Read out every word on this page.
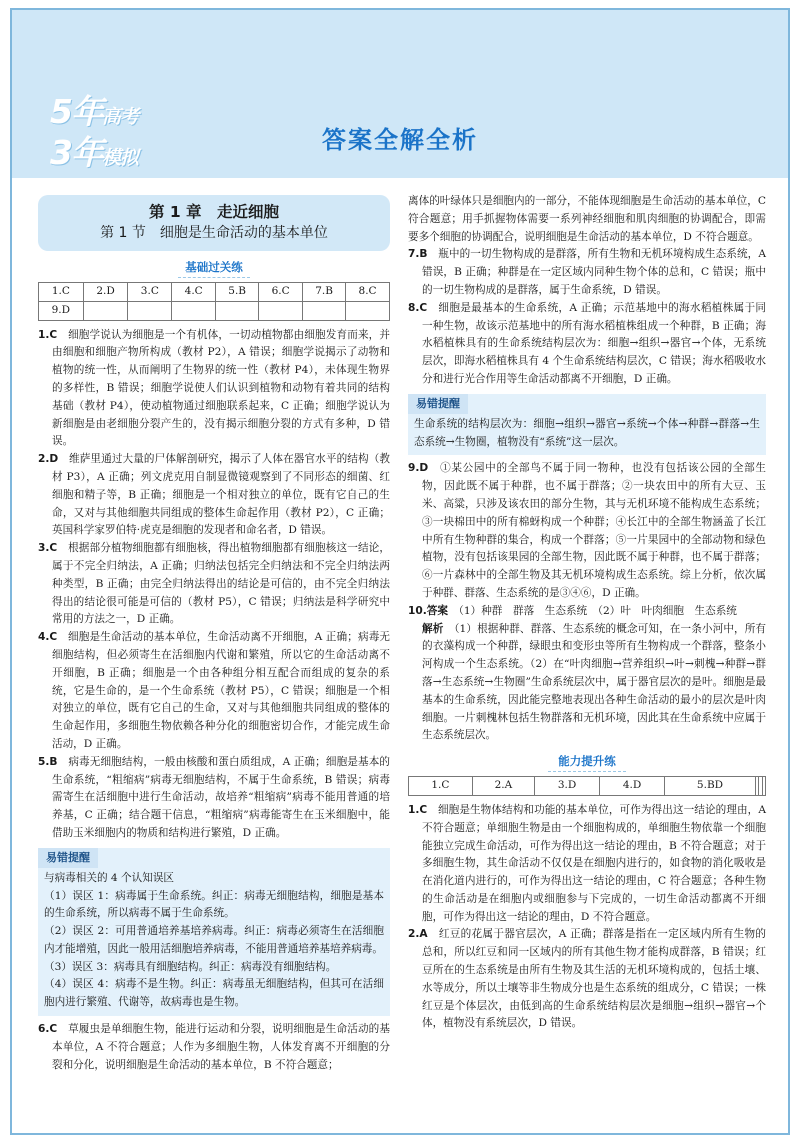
5年高考
3年模拟
答案全解全析
第 1 章　走近细胞
第 1 节　细胞是生命活动的基本单位
基础过关练
1.C	2.D	3.C	4.C	5.B	6.C	7.B	8.C
9.D							

1.C　 细胞学说认为细胞是一个有机体，一切动植物都由细胞发育而来，并由细胞和细胞产物所构成（教材 P2），A 错误；细胞学说揭示了动物和植物的统一性，从而阐明了生物界的统一性（教材 P4），未体现生物界的多样性，B 错误；细胞学说使人们认识到植物和动物有着共同的结构基础（教材 P4），使动植物通过细胞联系起来，C 正确；细胞学说认为新细胞是由老细胞分裂产生的，没有揭示细胞分裂的方式有多种，D 错误。

2.D　 维萨里通过大量的尸体解剖研究，揭示了人体在器官水平的结构（教材 P3），A 正确；列文虎克用自制显微镜观察到了不同形态的细菌、红细胞和精子等，B 正确；细胞是一个相对独立的单位，既有它自己的生命，又对与其他细胞共同组成的整体生命起作用（教材 P2），C 正确；英国科学家罗伯特·虎克是细胞的发现者和命名者，D 错误。

3.C　 根据部分植物细胞都有细胞核，得出植物细胞都有细胞核这一结论，属于不完全归纳法，A 正确；归纳法包括完全归纳法和不完全归纳法两种类型，B 正确；由完全归纳法得出的结论是可信的，由不完全归纳法得出的结论很可能是可信的（教材 P5），C 错误；归纳法是科学研究中常用的方法之一，D 正确。

4.C　 细胞是生命活动的基本单位，生命活动离不开细胞，A 正确；病毒无细胞结构，但必须寄生在活细胞内代谢和繁殖，所以它的生命活动离不开细胞，B 正确；细胞是一个由各种组分相互配合而组成的复杂的系统，它是生命的，是一个生命系统（教材 P5），C 错误；细胞是一个相对独立的单位，既有它自己的生命，又对与其他细胞共同组成的整体的生命起作用，多细胞生物依赖各种分化的细胞密切合作，才能完成生命活动，D 正确。

5.B　 病毒无细胞结构，一般由核酸和蛋白质组成，A 正确；细胞是基本的生命系统，“粗缩病”病毒无细胞结构，不属于生命系统，B 错误；病毒需寄生在活细胞中进行生命活动，故培养“粗缩病”病毒不能用普通的培养基，C 正确；结合题干信息，“粗缩病”病毒能寄生在玉米细胞中，能借助玉米细胞内的物质和结构进行繁殖，D 正确。

易错提醒

与病毒相关的 4 个认知误区

（1）误区 1：病毒属于生命系统。纠正：病毒无细胞结构，细胞是基本的生命系统，所以病毒不属于生命系统。

（2）误区 2：可用普通培养基培养病毒。纠正：病毒必须寄生在活细胞内才能增殖，因此一般用活细胞培养病毒，不能用普通培养基培养病毒。

（3）误区 3：病毒具有细胞结构。纠正：病毒没有细胞结构。

（4）误区 4：病毒不是生物。纠正：病毒虽无细胞结构，但其可在活细胞内进行繁殖、代谢等，故病毒也是生物。

6.C　 草履虫是单细胞生物，能进行运动和分裂，说明细胞是生命活动的基本单位，A 不符合题意；人作为多细胞生物，人体发育离不开细胞的分裂和分化，说明细胞是生命活动的基本单位，B 不符合题意；

离体的叶绿体只是细胞内的一部分，不能体现细胞是生命活动的基本单位，C 符合题意；用手抓握物体需要一系列神经细胞和肌肉细胞的协调配合，即需要多个细胞的协调配合，说明细胞是生命活动的基本单位，D 不符合题意。

7.B　 瓶中的一切生物构成的是群落，所有生物和无机环境构成生态系统，A 错误，B 正确；种群是在一定区域内同种生物个体的总和，C 错误；瓶中的一切生物构成的是群落，属于生命系统，D 错误。

8.C　 细胞是最基本的生命系统，A 正确；示范基地中的海水稻植株属于同一种生物，故该示范基地中的所有海水稻植株组成一个种群，B 正确；海水稻植株具有的生命系统结构层次为：细胞→组织→器官→个体，无系统层次，即海水稻植株具有 4 个生命系统结构层次，C 错误；海水稻吸收水分和进行光合作用等生命活动都离不开细胞，D 正确。

易错提醒

生命系统的结构层次为：细胞→组织→器官→系统→个体→种群→群落→生态系统→生物圈，植物没有“系统”这一层次。

9.D　 ①某公园中的全部鸟不属于同一物种，也没有包括该公园的全部生物，因此既不属于种群，也不属于群落；②一块农田中的所有大豆、玉米、高粱，只涉及该农田的部分生物，其与无机环境不能构成生态系统；③一块棉田中的所有棉蚜构成一个种群；④长江中的全部生物涵盖了长江中所有生物种群的集合，构成一个群落；⑤一片果园中的全部动物和绿色植物，没有包括该果园的全部生物，因此既不属于种群，也不属于群落；⑥一片森林中的全部生物及其无机环境构成生态系统。综上分析，依次属于种群、群落、生态系统的是③④⑥，D 正确。

10.答案　 （1）种群　群落　生态系统　（2）叶　叶肉细胞　生态系统

解析　 （1）根据种群、群落、生态系统的概念可知，在一条小河中，所有的衣藻构成一个种群，绿眼虫和变形虫等所有生物构成一个群落，整条小河构成一个生态系统。（2）在“叶肉细胞→营养组织→叶→刺槐→种群→群落→生态系统→生物圈”生命系统层次中，属于器官层次的是叶。细胞是最基本的生命系统，因此能完整地表现出各种生命活动的最小的层次是叶肉细胞。一片刺槐林包括生物群落和无机环境，因此其在生命系统中应属于生态系统层次。

能力提升练
1.C	2.A	3.D	4.D	5.BD			

1.C　 细胞是生物体结构和功能的基本单位，可作为得出这一结论的理由，A 不符合题意；单细胞生物是由一个细胞构成的，单细胞生物依靠一个细胞能独立完成生命活动，可作为得出这一结论的理由，B 不符合题意；对于多细胞生物，其生命活动不仅仅是在细胞内进行的，如食物的消化吸收是在消化道内进行的，可作为得出这一结论的理由，C 符合题意；各种生物的生命活动是在细胞内或细胞参与下完成的，一切生命活动都离不开细胞，可作为得出这一结论的理由，D 不符合题意。

2.A　 红豆的花属于器官层次，A 正确；群落是指在一定区域内所有生物的总和，所以红豆和同一区域内的所有其他生物才能构成群落，B 错误；红豆所在的生态系统是由所有生物及其生活的无机环境构成的，包括土壤、水等成分，所以土壤等非生物成分也是生态系统的组成分，C 错误；一株红豆是个体层次，由低到高的生命系统结构层次是细胞→组织→器官→个体，植物没有系统层次，D 错误。
